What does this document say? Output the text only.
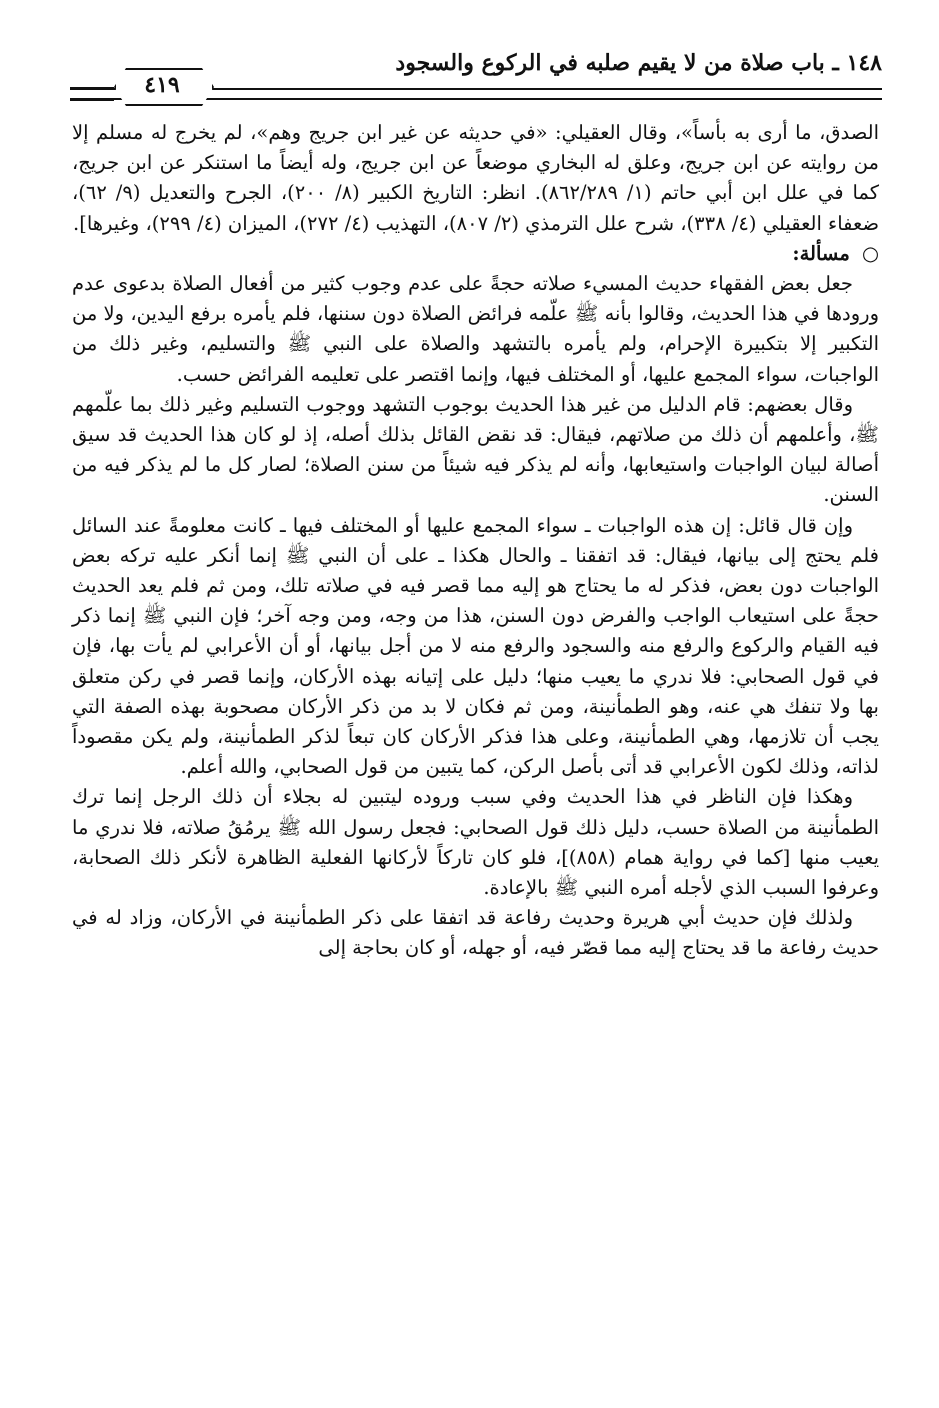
١٤٨ ـ باب صلاة من لا يقيم صلبه في الركوع والسجود
٤١٩

الصدق، ما أرى به بأساً»، وقال العقيلي: «في حديثه عن غير ابن جريج وهم»، لم يخرج له مسلم إلا من روايته عن ابن جريج، وعلق له البخاري موضعاً عن ابن جريج، وله أيضاً ما استنكر عن ابن جريج، كما في علل ابن أبي حاتم (١/ ٨٦٢/٢٨٩). انظر: التاريخ الكبير (٨/ ٢٠٠)، الجرح والتعديل (٩/ ٦٢)، ضعفاء العقيلي (٤/ ٣٣٨)، شرح علل الترمذي (٢/ ٨٠٧)، التهذيب (٤/ ٢٧٢)، الميزان (٤/ ٢٩٩)، وغيرها].

○ مسألة:

جعل بعض الفقهاء حديث المسيء صلاته حجةً على عدم وجوب كثير من أفعال الصلاة بدعوى عدم ورودها في هذا الحديث، وقالوا بأنه ﷺ علّمه فرائض الصلاة دون سننها، فلم يأمره برفع اليدين، ولا من التكبير إلا بتكبيرة الإحرام، ولم يأمره بالتشهد والصلاة على النبي ﷺ والتسليم، وغير ذلك من الواجبات، سواء المجمع عليها، أو المختلف فيها، وإنما اقتصر على تعليمه الفرائض حسب.

وقال بعضهم: قام الدليل من غير هذا الحديث بوجوب التشهد ووجوب التسليم وغير ذلك بما علّمهم ﷺ، وأعلمهم أن ذلك من صلاتهم، فيقال: قد نقض القائل بذلك أصله، إذ لو كان هذا الحديث قد سيق أصالة لبيان الواجبات واستيعابها، وأنه لم يذكر فيه شيئاً من سنن الصلاة؛ لصار كل ما لم يذكر فيه من السنن.

وإن قال قائل: إن هذه الواجبات ـ سواء المجمع عليها أو المختلف فيها ـ كانت معلومةً عند السائل فلم يحتج إلى بيانها، فيقال: قد اتفقنا ـ والحال هكذا ـ على أن النبي ﷺ إنما أنكر عليه تركه بعض الواجبات دون بعض، فذكر له ما يحتاج هو إليه مما قصر فيه في صلاته تلك، ومن ثم فلم يعد الحديث حجةً على استيعاب الواجب والفرض دون السنن، هذا من وجه، ومن وجه آخر؛ فإن النبي ﷺ إنما ذكر فيه القيام والركوع والرفع منه والسجود والرفع منه لا من أجل بيانها، أو أن الأعرابي لم يأت بها، فإن في قول الصحابي: فلا ندري ما يعيب منها؛ دليل على إتيانه بهذه الأركان، وإنما قصر في ركن متعلق بها ولا تنفك هي عنه، وهو الطمأنينة، ومن ثم فكان لا بد من ذكر الأركان مصحوبة بهذه الصفة التي يجب أن تلازمها، وهي الطمأنينة، وعلى هذا فذكر الأركان كان تبعاً لذكر الطمأنينة، ولم يكن مقصوداً لذاته، وذلك لكون الأعرابي قد أتى بأصل الركن، كما يتبين من قول الصحابي، والله أعلم.

وهكذا فإن الناظر في هذا الحديث وفي سبب وروده ليتبين له بجلاء أن ذلك الرجل إنما ترك الطمأنينة من الصلاة حسب، دليل ذلك قول الصحابي: فجعل رسول الله ﷺ يرمُقُ صلاته، فلا ندري ما يعيب منها [كما في رواية همام (٨٥٨)]، فلو كان تاركاً لأركانها الفعلية الظاهرة لأنكر ذلك الصحابة، وعرفوا السبب الذي لأجله أمره النبي ﷺ بالإعادة.

ولذلك فإن حديث أبي هريرة وحديث رفاعة قد اتفقا على ذكر الطمأنينة في الأركان، وزاد له في حديث رفاعة ما قد يحتاج إليه مما قصّر فيه، أو جهله، أو كان بحاجة إلى
